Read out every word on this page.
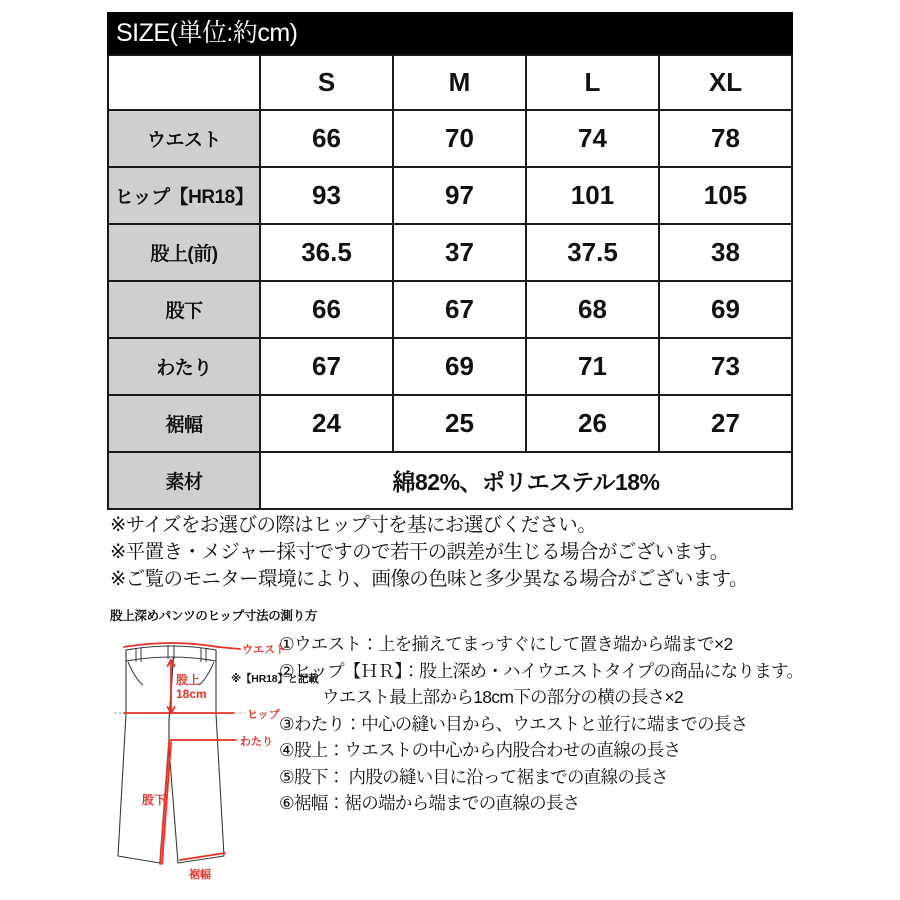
SIZE(単位:約cm)
	S	M	L	XL
ウエスト	66	70	74	78
ヒップ【HR18】	93	97	101	105
股上(前)	36.5	37	37.5	38
股下	66	67	68	69
わたり	67	69	71	73
裾幅	24	25	26	27
素材	綿82%、ポリエステル18%			
※サイズをお選びの際はヒップ寸を基にお選びください。
※平置き・メジャー採寸ですので若干の誤差が生じる場合がございます。
※ご覧のモニター環境により、画像の色味と多少異なる場合がございます。
股上深めパンツのヒップ寸法の測り方
※【HR18】と記載
ウエスト
股上
18cm
ヒップ
わたり
股下
裾幅
①ウエスト：上を揃えてまっすぐにして置き端から端まで×2
②ヒップ【ＨＲ】：股上深め・ハイウエストタイプの商品になります。
ウエスト最上部から18cm下の部分の横の長さ×2
③わたり：中心の縫い目から、ウエストと並行に端までの長さ
④股上：ウエストの中心から内股合わせの直線の長さ
⑤股下： 内股の縫い目に沿って裾までの直線の長さ
⑥裾幅：裾の端から端までの直線の長さ
